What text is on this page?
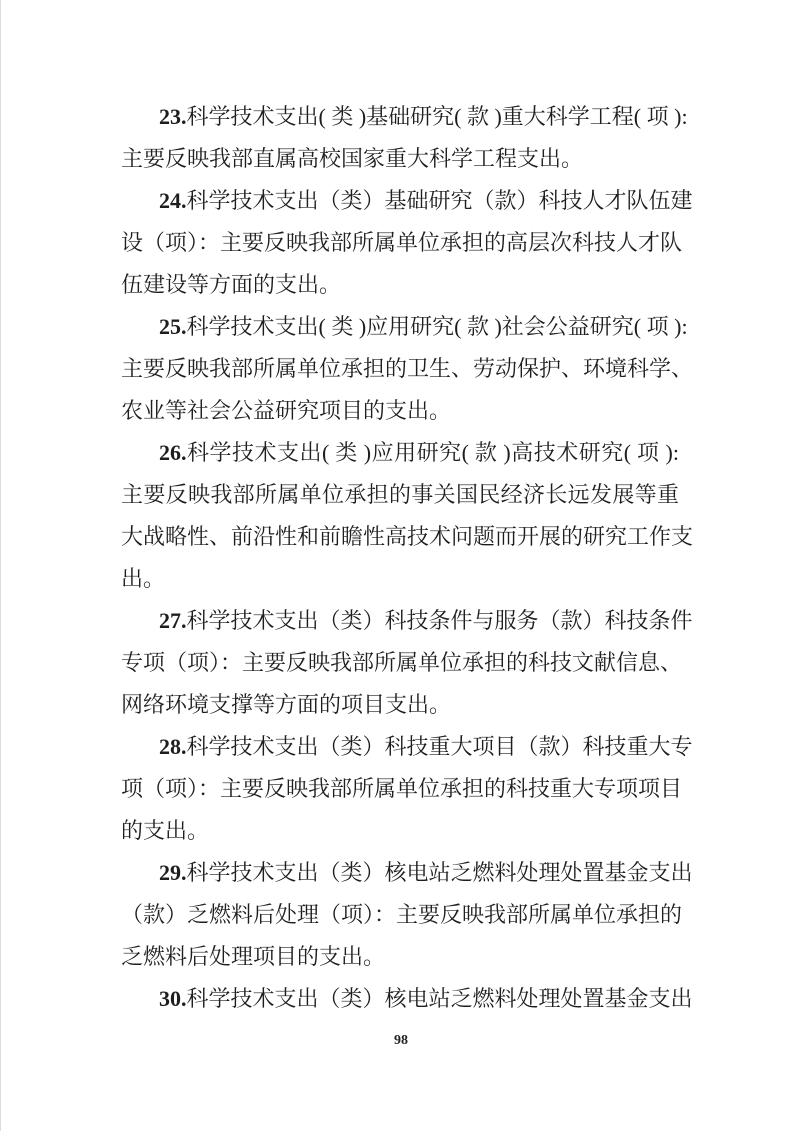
23.科学技术支出( 类 )基础研究( 款 )重大科学工程( 项 ):
主要反映我部直属高校国家重大科学工程支出。
24.科学技术支出（类）基础研究（款）科技人才队伍建
设（项）：主要反映我部所属单位承担的高层次科技人才队
伍建设等方面的支出。
25.科学技术支出( 类 )应用研究( 款 )社会公益研究( 项 ):
主要反映我部所属单位承担的卫生、劳动保护、环境科学、
农业等社会公益研究项目的支出。
26.科学技术支出( 类 )应用研究( 款 )高技术研究( 项 ):
主要反映我部所属单位承担的事关国民经济长远发展等重
大战略性、前沿性和前瞻性高技术问题而开展的研究工作支
出。
27.科学技术支出（类）科技条件与服务（款）科技条件
专项（项）：主要反映我部所属单位承担的科技文献信息、
网络环境支撑等方面的项目支出。
28.科学技术支出（类）科技重大项目（款）科技重大专
项（项）：主要反映我部所属单位承担的科技重大专项项目
的支出。
29.科学技术支出（类）核电站乏燃料处理处置基金支出
（款）乏燃料后处理（项）：主要反映我部所属单位承担的
乏燃料后处理项目的支出。
30.科学技术支出（类）核电站乏燃料处理处置基金支出
98
